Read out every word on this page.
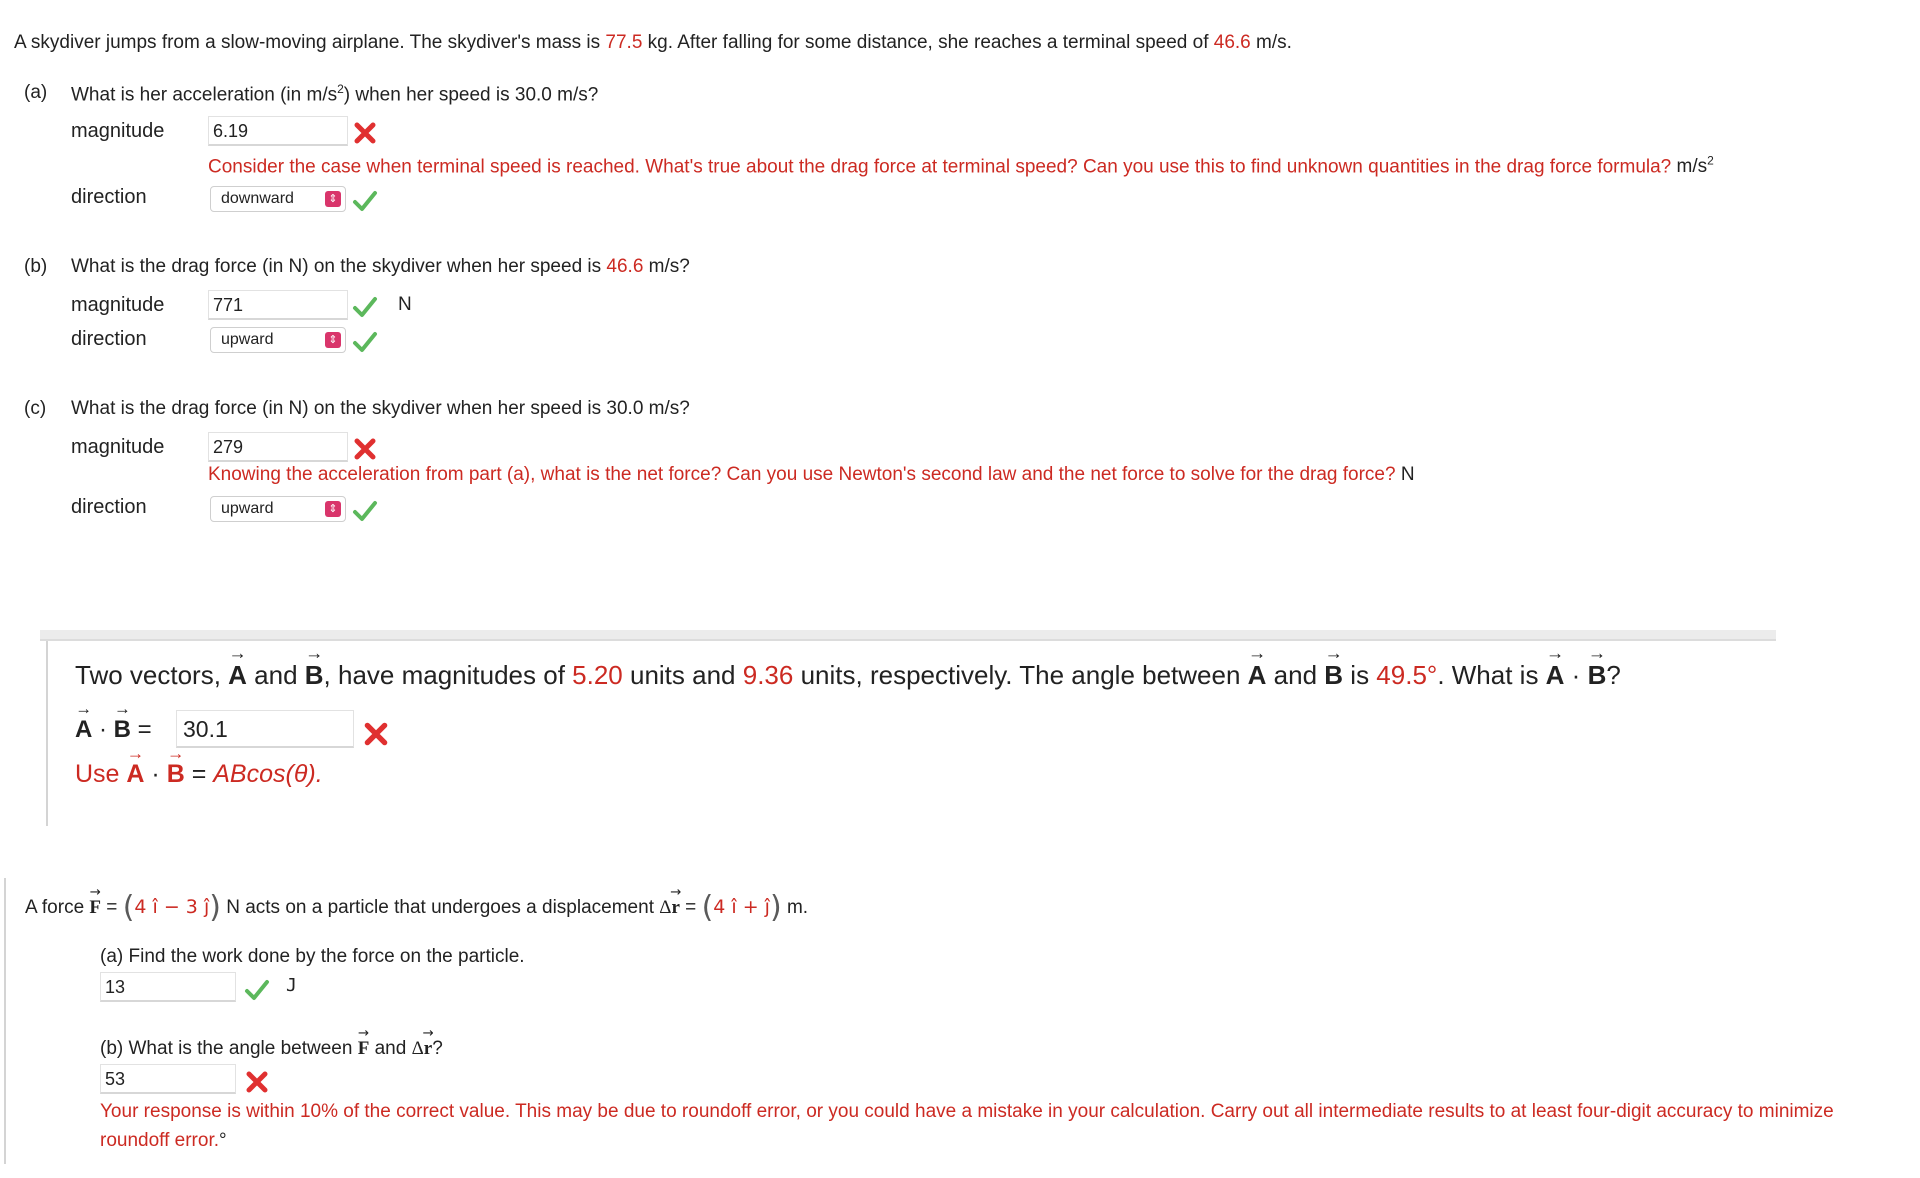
A skydiver jumps from a slow-moving airplane. The skydiver's mass is 77.5 kg. After falling for some distance, she reaches a terminal speed of 46.6 m/s.
(a) What is her acceleration (in $m/s^2$) when her speed is 30.0 m/s?
magnitude	6.19
Consider the case when terminal speed is reached. What's true about the drag force at terminal speed? Can you use this to find unknown quantities in the drag force formula? $m/s^2$
direction	downward	⇕
(b) What is the drag force (in N) on the skydiver when her speed is 46.6 m/s?
magnitude	771	N
direction	upward	⇕
(c) What is the drag force (in N) on the skydiver when her speed is 30.0 m/s?
magnitude	279
Knowing the acceleration from part (a), what is the net force? Can you use Newton's second law and the net force to solve for the drag force? N
direction	upward	⇕
Two vectors,
→
A and
→
B, have magnitudes of 5.20 units and 9.36 units, respectively. The angle between
→
A and
→
B is 49.5°. What is
→
A ·
→
B?
→
A ·
→
B =	30.1
Use
→
A ·
→
B = ABcos(θ).
A force
→
F = (4 î − 3 ĵ) N acts on a particle that undergoes a displacement Δ
→
r = (4 î + ĵ) m.
(a) Find the work done by the force on the particle.
13	J
(b) What is the angle between
→
F and Δ
→
r?
53
Your response is within 10% of the correct value. This may be due to roundoff error, or you could have a mistake in your calculation. Carry out all intermediate results to at least four-digit accuracy to minimize roundoff error.°
